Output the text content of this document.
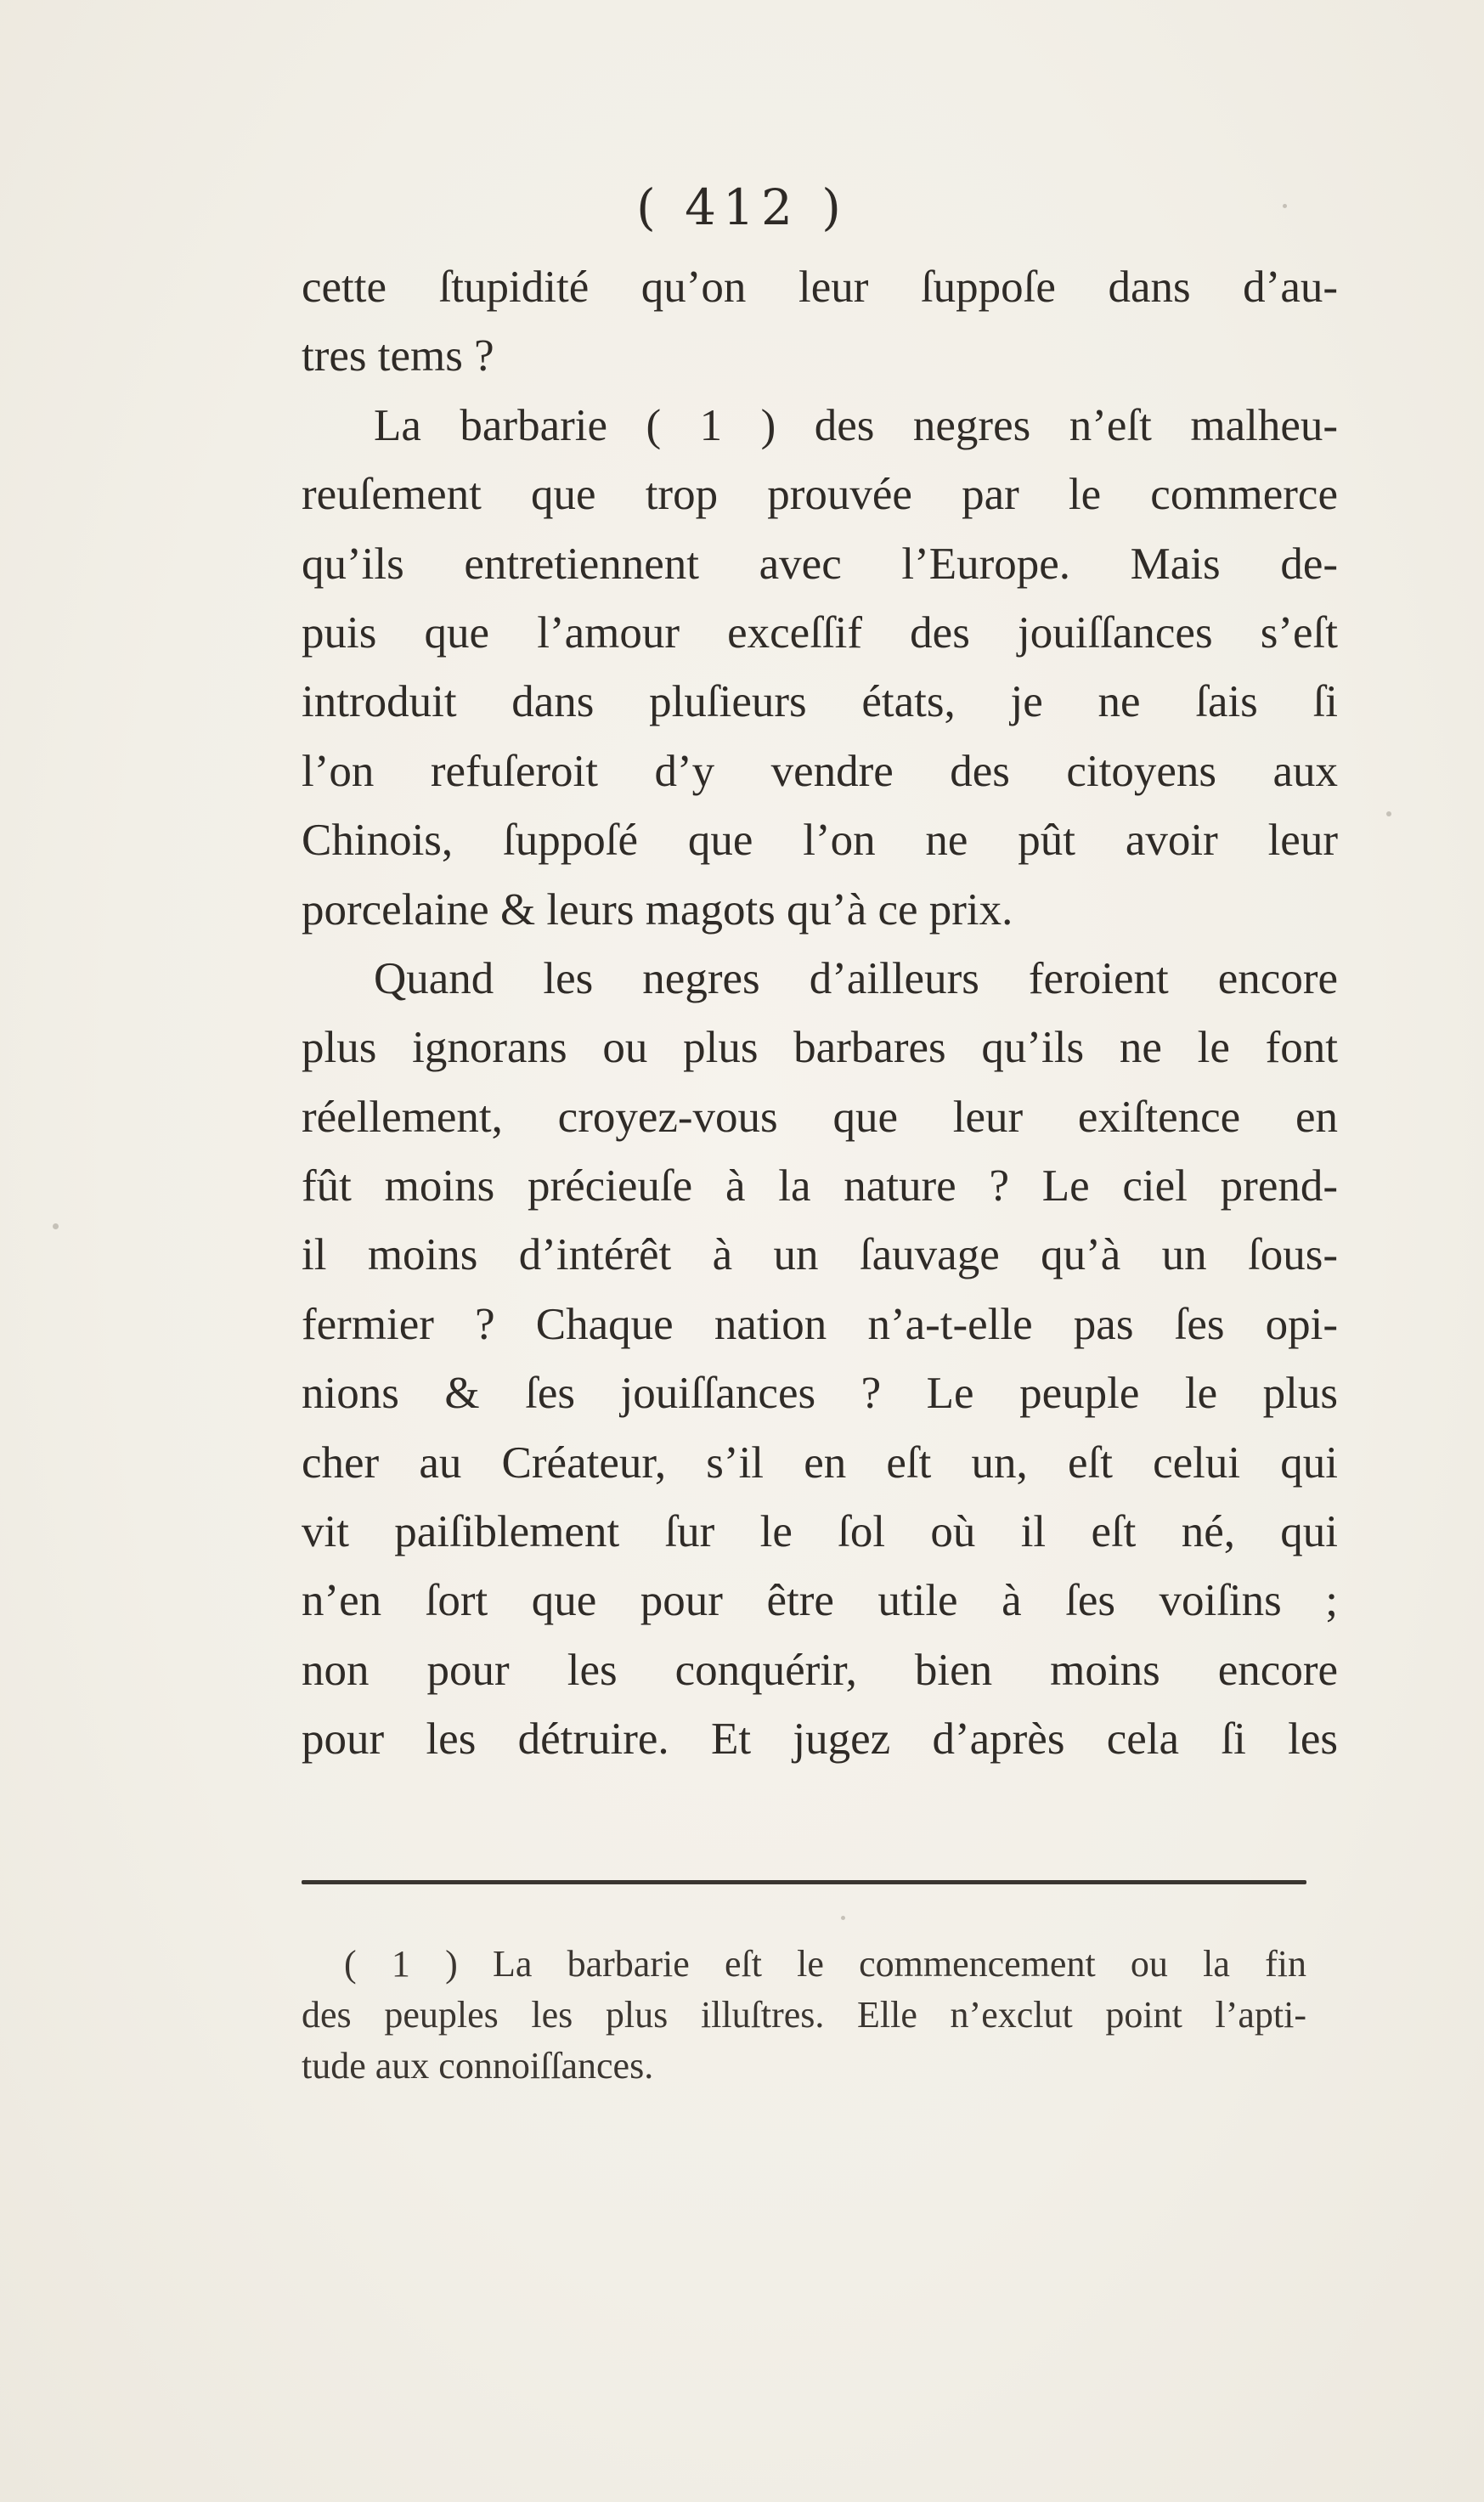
( 412 )
cette ſtupidité qu’on leur ſuppoſe dans d’au-
tres tems ?
La barbarie ( 1 ) des negres n’eſt malheu-
reuſement que trop prouvée par le commerce
qu’ils entretiennent avec l’Europe. Mais de-
puis que l’amour exceſſif des jouiſſances s’eſt
introduit dans pluſieurs états, je ne ſais ſi
l’on refuſeroit d’y vendre des citoyens aux
Chinois, ſuppoſé que l’on ne pût avoir leur
porcelaine & leurs magots qu’à ce prix.
Quand les negres d’ailleurs feroient encore
plus ignorans ou plus barbares qu’ils ne le font
réellement, croyez-vous que leur exiſtence en
fût moins précieuſe à la nature ? Le ciel prend-
il moins d’intérêt à un ſauvage qu’à un ſous-
fermier ? Chaque nation n’a-t-elle pas ſes opi-
nions & ſes jouiſſances ? Le peuple le plus
cher au Créateur, s’il en eſt un, eſt celui qui
vit paiſiblement ſur le ſol où il eſt né, qui
n’en ſort que pour être utile à ſes voiſins ;
non pour les conquérir, bien moins encore
pour les détruire. Et jugez d’après cela ſi les
( 1 ) La barbarie eſt le commencement ou la fin
des peuples les plus illuſtres. Elle n’exclut point l’apti-
tude aux connoiſſances.
